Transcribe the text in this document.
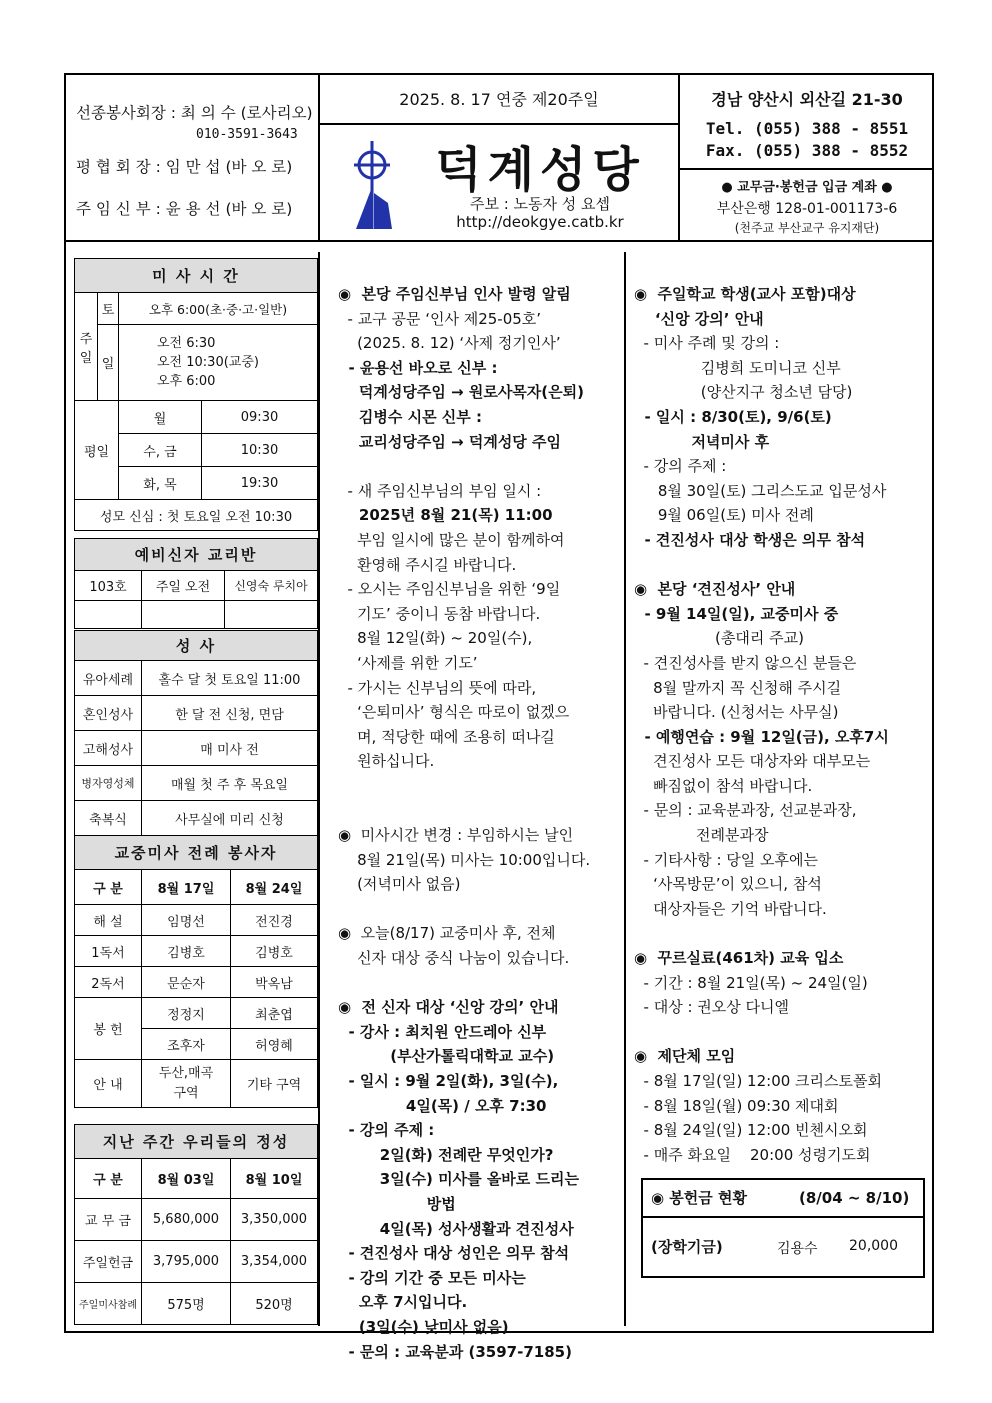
선종봉사회장 : 최 의 수 (로사리오)
010-3591-3643
평 협 회 장 : 임 만 섭 (바 오 로)
주 임 신 부 : 윤 용 선 (바 오 로)
2025. 8. 17 연중 제20주일
덕계성당
주보 : 노동자 성 요셉
http://deokgye.catb.kr
경남 양산시 외산길 21-30
Tel. (055) 388 - 8551
Fax. (055) 388 - 8552
● 교무금·봉헌금 입금 계좌 ●
부산은행 128-01-001173-6
(천주교 부산교구 유지재단)
미 사 시 간			
주일	토	오후 6:00(초·중·고·일반)	
	일	오전 6:30
오전 10:30(교중)
오후 6:00	

평일		월	09:30
		수, 금	10:30
		화, 목	19:30
성모 신심 : 첫 토요일 오전 10:30			
예비신자 교리반		
103호	주일 오전	신영숙 루치아

성 사	
유아세례	홀수 달 첫 토요일 11:00
혼인성사	한 달 전 신청, 면담
고해성사	매 미사 전
병자영성체	매월 첫 주 후 목요일
축복식	사무실에 미리 신청
교중미사 전례 봉사자		
구 분	8월 17일	8월 24일
해 설	임명선	전진경
1독서	김병호	김병호
2독서	문순자	박옥남
봉 헌	정정지	최춘엽
	조후자	허영혜
안 내	두산,매곡 구역	기타 구역
지난 주간 우리들의 정성		
구 분	8월 03일	8월 10일
교 무 금	5,680,000	3,350,000
주일헌금	3,795,000	3,354,000
주일미사참례	575명	520명

◉  본당 주임신부님 인사 발령 알림

- 교구 공문 ‘인사 제25-05호’

(2025. 8. 12) ‘사제 정기인사’

- 윤용선 바오로 신부 :

덕계성당주임 → 원로사목자(은퇴)

김병수 시몬 신부 :

교리성당주임 → 덕계성당 주임

- 새 주임신부님의 부임 일시 :

2025년 8월 21(목) 11:00

부임 일시에 많은 분이 함께하여

환영해 주시길 바랍니다.

- 오시는 주임신부님을 위한 ‘9일

기도’ 중이니 동참 바랍니다.

8월 12일(화) ~ 20일(수),

‘사제를 위한 기도’

- 가시는 신부님의 뜻에 따라,

‘은퇴미사’ 형식은 따로이 없겠으

며, 적당한 때에 조용히 떠나길

원하십니다.

◉  미사시간 변경 : 부임하시는 날인

8월 21일(목) 미사는 10:00입니다.

(저녁미사 없음)

◉  오늘(8/17) 교중미사 후, 전체

신자 대상 중식 나눔이 있습니다.

◉  전 신자 대상 ‘신앙 강의’ 안내

- 강사 : 최치원 안드레아 신부

(부산가톨릭대학교 교수)

- 일시 : 9월 2일(화), 3일(수),

4일(목) / 오후 7:30

- 강의 주제 :

2일(화) 전례란 무엇인가?

3일(수) 미사를 올바로 드리는

방법

4일(목) 성사생활과 견진성사

- 견진성사 대상 성인은 의무 참석

- 강의 기간 중 모든 미사는

오후 7시입니다.

(3일(수) 낮미사 없음)

- 문의 : 교육분과 (3597-7185)

◉  주일학교 학생(교사 포함)대상

‘신앙 강의’ 안내

- 미사 주례 및 강의 :

김병희 도미니코 신부

(양산지구 청소년 담당)

- 일시 : 8/30(토), 9/6(토)

저녁미사 후

- 강의 주제 :

8월 30일(토) 그리스도교 입문성사

9월 06일(토) 미사 전례

- 견진성사 대상 학생은 의무 참석

◉  본당 ‘견진성사’ 안내

- 9월 14일(일), 교중미사 중

(총대리 주교)

- 견진성사를 받지 않으신 분들은

8월 말까지 꼭 신청해 주시길

바랍니다. (신청서는 사무실)

- 예행연습 : 9월 12일(금), 오후7시

견진성사 모든 대상자와 대부모는

빠짐없이 참석 바랍니다.

- 문의 : 교육분과장, 선교분과장,

전례분과장

- 기타사항 : 당일 오후에는

‘사목방문’이 있으니, 참석

대상자들은 기억 바랍니다.

◉  꾸르실료(461차) 교육 입소

- 기간 : 8월 21일(목) ~ 24일(일)

- 대상 : 권오상 다니엘

◉  제단체 모임

- 8월 17일(일) 12:00 크리스토폴회

- 8월 18일(월) 09:30 제대회

- 8월 24일(일) 12:00 빈첸시오회

- 매주 화요일    20:00 성령기도회

◉ 봉헌금 현황	(8/04 ~ 8/10)
(장학기금)	김용수 20,000
